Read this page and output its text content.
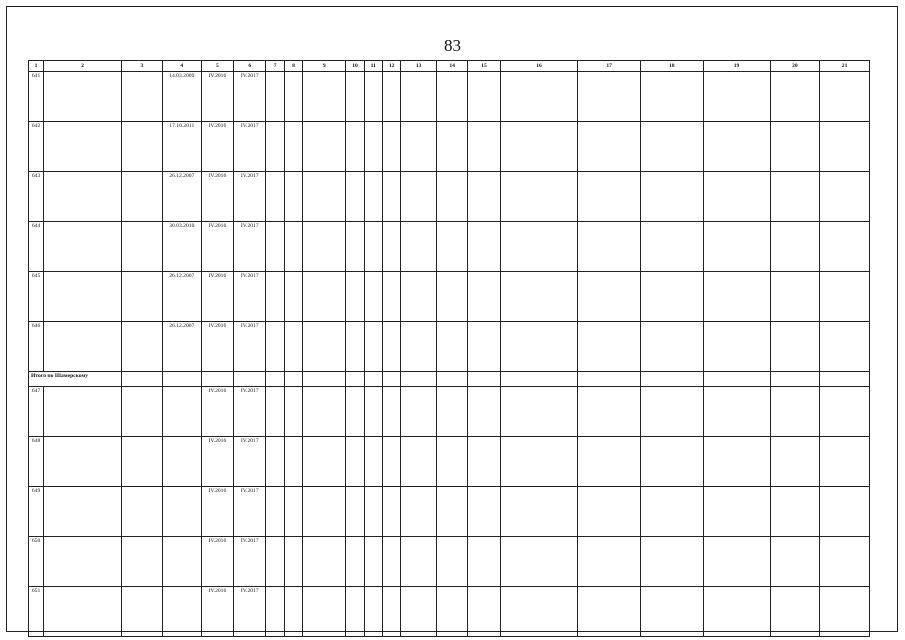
83
1	2	3	4	5	6	7	8	9	10	11	12	13	14	15	16	17	18	19	20	21
641			14.03.2009	IV.2016	IV.2017															
642			17.10.2011	IV.2016	IV.2017															
643			26.12.2007	IV.2016	IV.2017															
644			30.03.2010	IV.2016	IV.2017															
645			26.12.2007	IV.2016	IV.2017															
646			26.12.2007	IV.2016	IV.2017															
Итого по Шамерскому																				
647				IV.2016	IV.2017															
648				IV.2016	IV.2017															
649				IV.2016	IV.2017															
650				IV.2016	IV.2017															
651				IV.2016	IV.2017															
